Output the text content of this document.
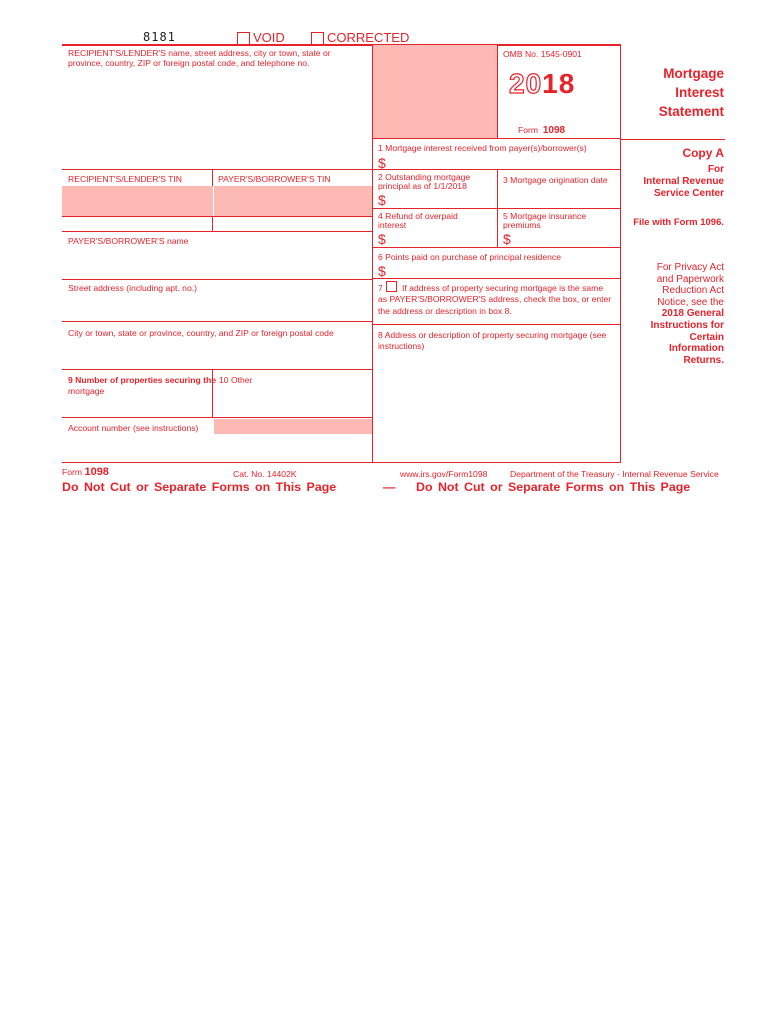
8181	VOID	CORRECTED
RECIPIENT'S/LENDER'S name, street address, city or town, state or province, country, ZIP or foreign postal code, and telephone no.
RECIPIENT'S/LENDER'S TIN	PAYER'S/BORROWER'S TIN
PAYER'S/BORROWER'S name
Street address (including apt. no.)
City or town, state or province, country, and ZIP or foreign postal code
9 Number of properties securing the
mortgage
10 Other
Account number (see instructions)
OMB No. 1545-0901
2018
Form 1098
Mortgage
Interest
Statement
1 Mortgage interest received from payer(s)/borrower(s)
$
2 Outstanding mortgage
principal as of 1/1/2018
$
3 Mortgage origination date
4 Refund of overpaid
interest
$
5 Mortgage insurance
premiums
$
6 Points paid on purchase of principal residence
$
7 If address of property securing mortgage is the same
as PAYER'S/BORROWER'S address, check the box, or enter
the address or description in box 8.
8 Address or description of property securing mortgage (see
instructions)
Copy A
For
Internal Revenue
Service Center
File with Form 1096.
For Privacy Act
and Paperwork
Reduction Act
Notice, see the
2018 General
Instructions for
Certain
Information
Returns.
Form 1098	Cat. No. 14402K	www.irs.gov/Form1098	Department of the Treasury - Internal Revenue Service
Do Not Cut or Separate Forms on This Page	— Do Not Cut or Separate Forms on This Page
